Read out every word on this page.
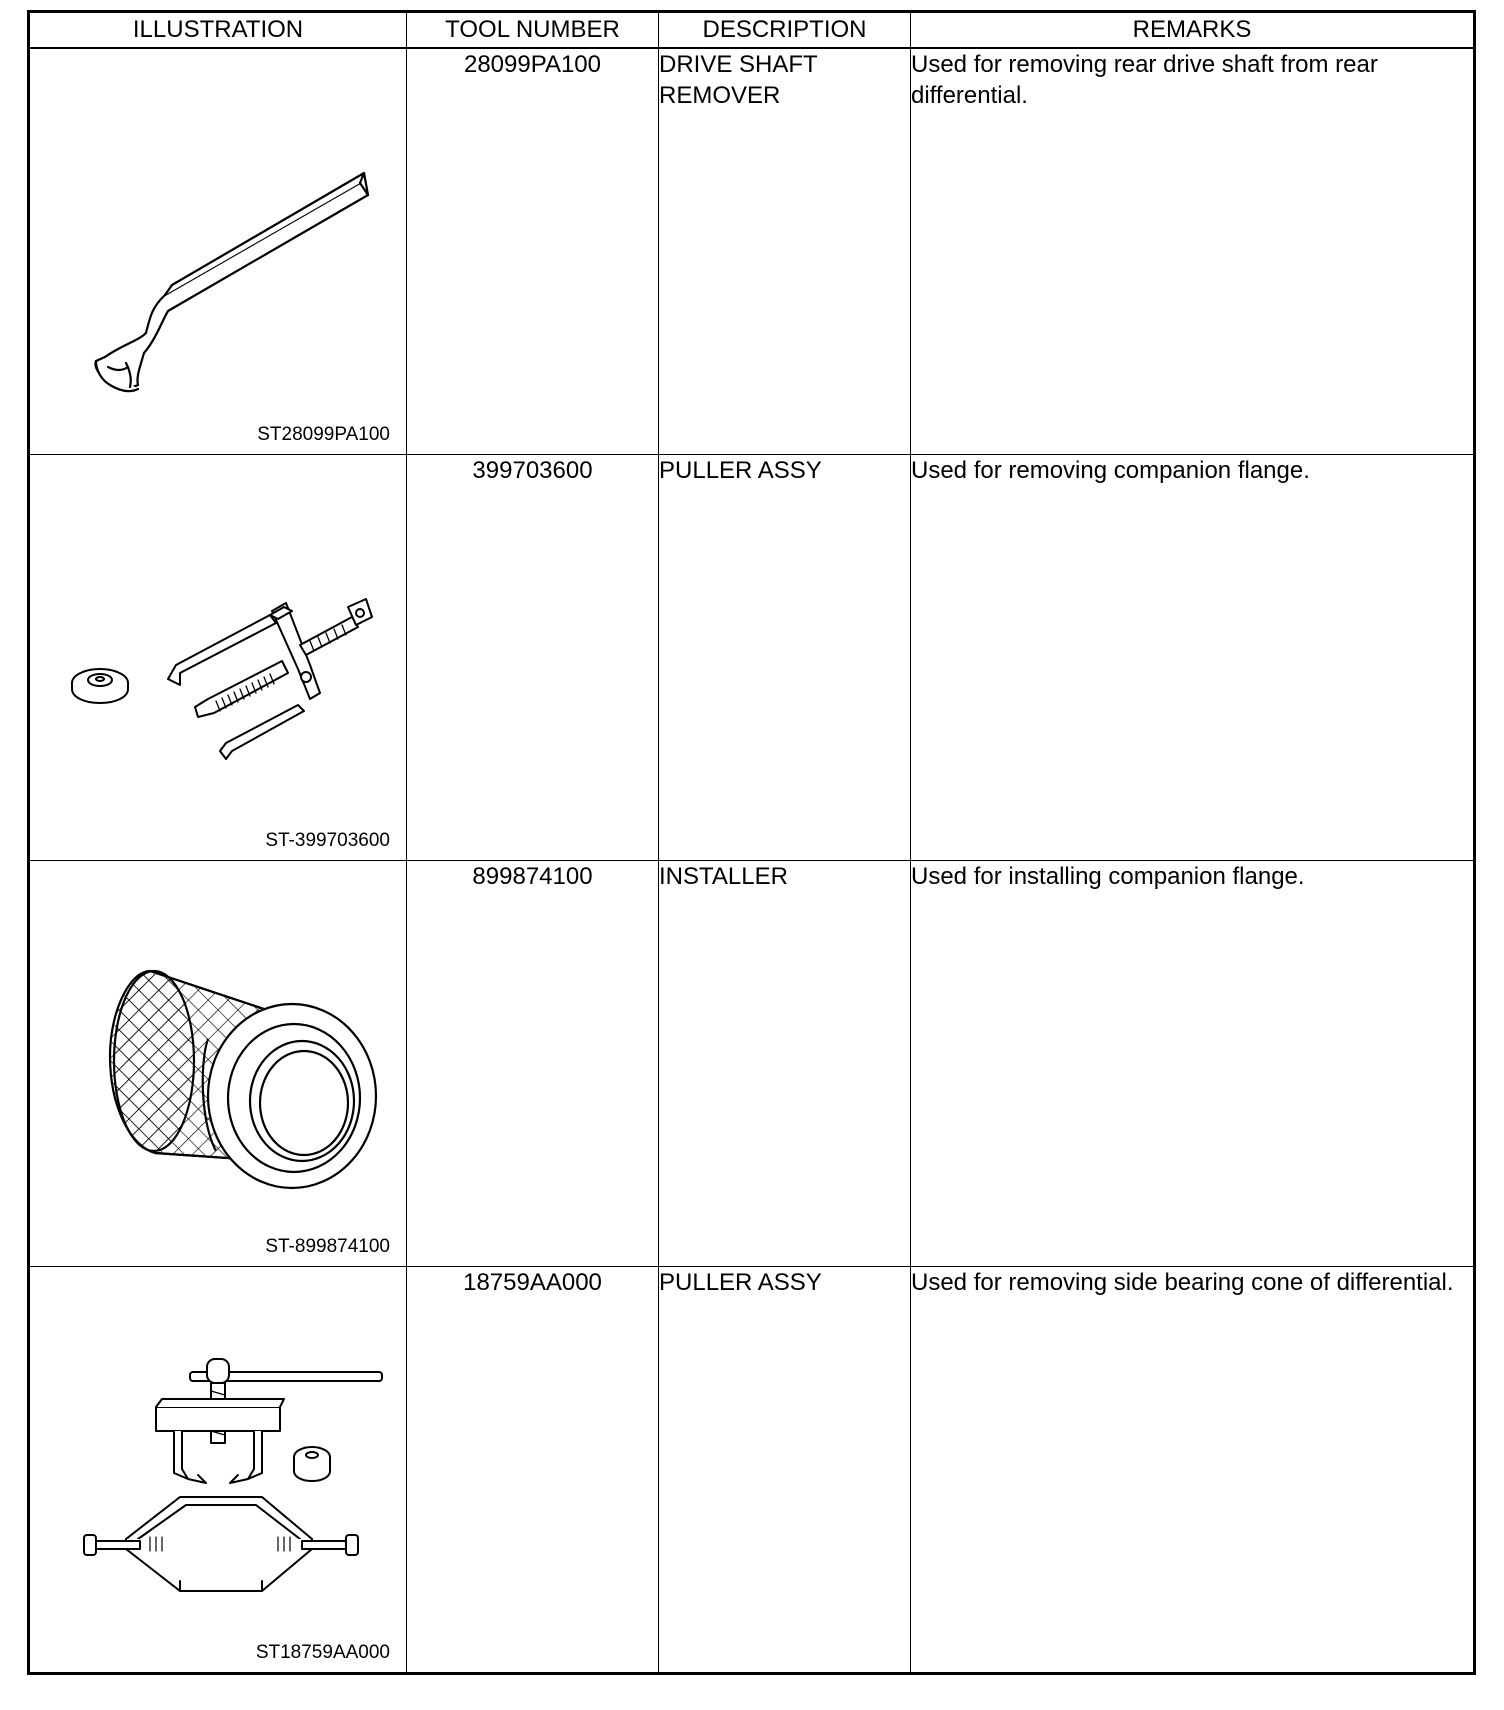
ILLUSTRATION	TOOL NUMBER	DESCRIPTION	REMARKS

ST28099PA100	28099PA100	DRIVE SHAFT REMOVER	Used for removing rear drive shaft from rear differential.

ST-399703600	399703600	PULLER ASSY	Used for removing companion flange.

ST-899874100	899874100	INSTALLER	Used for installing companion flange.

ST18759AA000	18759AA000	PULLER ASSY	Used for removing side bearing cone of differential.
